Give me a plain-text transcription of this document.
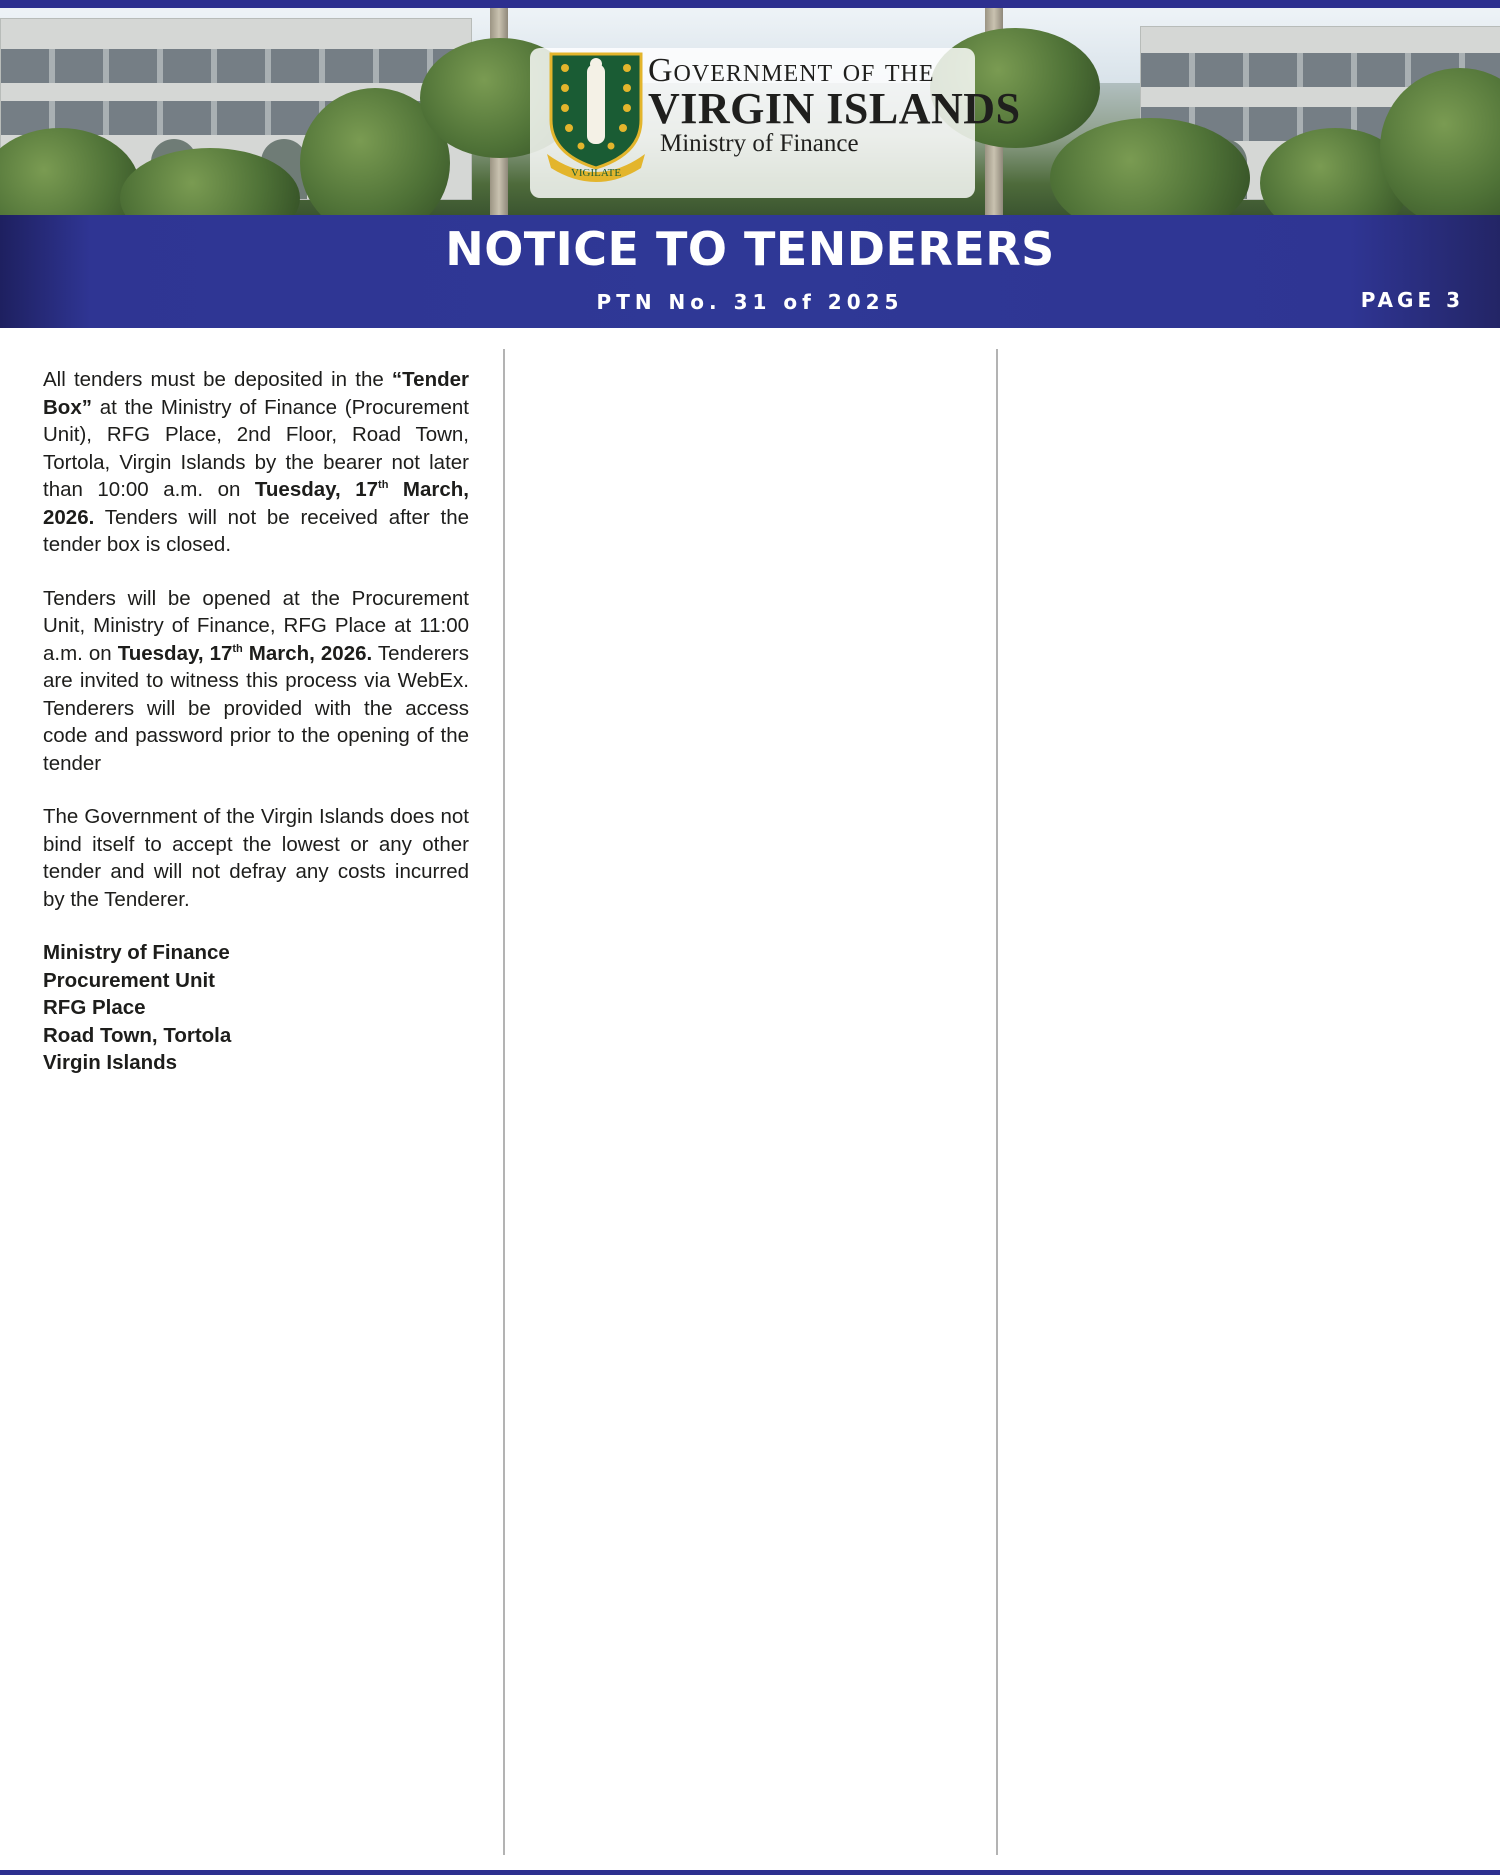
VIGILATE
Government of the
VIRGIN ISLANDS
Ministry of Finance
NOTICE TO TENDERERS
PTN No. 31 of 2025	PAGE 3

All tenders must be deposited in the “Tender Box” at the Ministry of Finance (Procurement Unit), RFG Place, 2nd Floor, Road Town, Tortola, Virgin Islands by the bearer not later than 10:00 a.m. on Tuesday, 17th March, 2026. Tenders will not be received after the tender box is closed.

Tenders will be opened at the Procurement Unit, Ministry of Finance, RFG Place at 11:00 a.m. on Tuesday, 17th March, 2026. Tenderers are invited to witness this process via WebEx. Tenderers will be provided with the access code and password prior to the opening of the tender

The Government of the Virgin Islands does not bind itself to accept the lowest or any other tender and will not defray any costs incurred by the Tenderer.

Ministry of Finance
Procurement Unit
RFG Place
Road Town, Tortola
Virgin Islands
